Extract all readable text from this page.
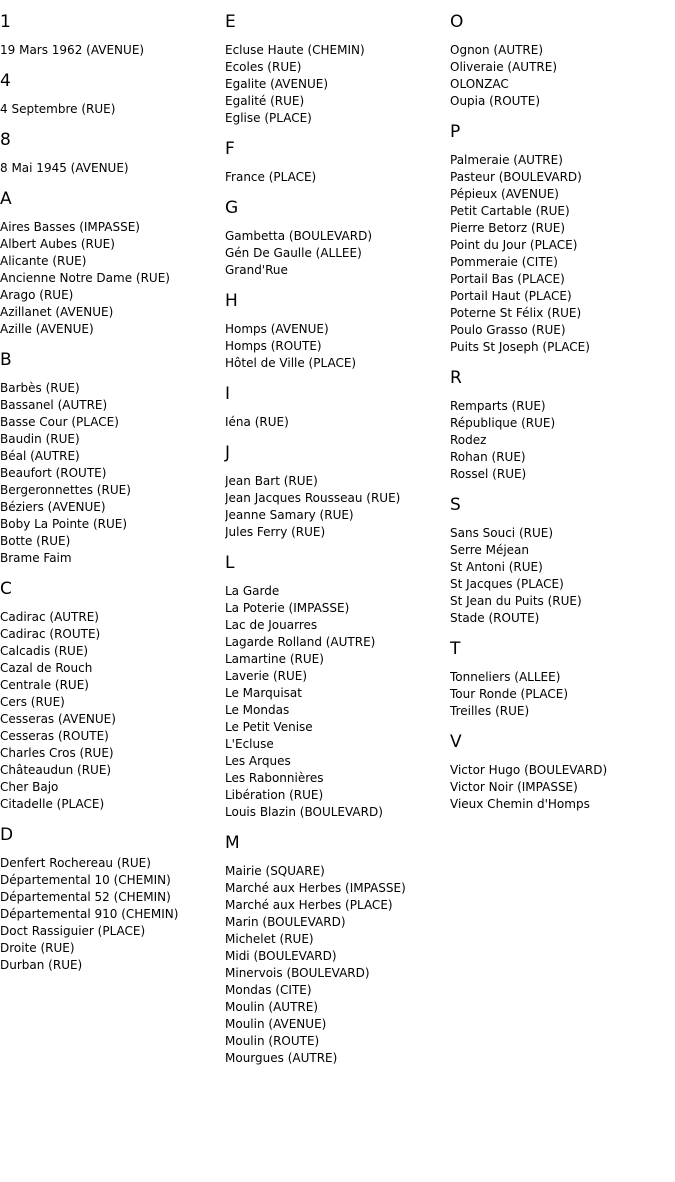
1
19 Mars 1962 (AVENUE)
4
4 Septembre (RUE)
8
8 Mai 1945 (AVENUE)
A
Aires Basses (IMPASSE)
Albert Aubes (RUE)
Alicante (RUE)
Ancienne Notre Dame (RUE)
Arago (RUE)
Azillanet (AVENUE)
Azille (AVENUE)
B
Barbès (RUE)
Bassanel (AUTRE)
Basse Cour (PLACE)
Baudin (RUE)
Béal (AUTRE)
Beaufort (ROUTE)
Bergeronnettes (RUE)
Béziers (AVENUE)
Boby La Pointe (RUE)
Botte (RUE)
Brame Faim
C
Cadirac (AUTRE)
Cadirac (ROUTE)
Calcadis (RUE)
Cazal de Rouch
Centrale (RUE)
Cers (RUE)
Cesseras (AVENUE)
Cesseras (ROUTE)
Charles Cros (RUE)
Châteaudun (RUE)
Cher Bajo
Citadelle (PLACE)
D
Denfert Rochereau (RUE)
Départemental 10 (CHEMIN)
Départemental 52 (CHEMIN)
Départemental 910 (CHEMIN)
Doct Rassiguier (PLACE)
Droite (RUE)
Durban (RUE)
E
Ecluse Haute (CHEMIN)
Ecoles (RUE)
Egalite (AVENUE)
Egalité (RUE)
Eglise (PLACE)
F
France (PLACE)
G
Gambetta (BOULEVARD)
Gén De Gaulle (ALLEE)
Grand'Rue
H
Homps (AVENUE)
Homps (ROUTE)
Hôtel de Ville (PLACE)
I
Iéna (RUE)
J
Jean Bart (RUE)
Jean Jacques Rousseau (RUE)
Jeanne Samary (RUE)
Jules Ferry (RUE)
L
La Garde
La Poterie (IMPASSE)
Lac de Jouarres
Lagarde Rolland (AUTRE)
Lamartine (RUE)
Laverie (RUE)
Le Marquisat
Le Mondas
Le Petit Venise
L'Ecluse
Les Arques
Les Rabonnières
Libération (RUE)
Louis Blazin (BOULEVARD)
M
Mairie (SQUARE)
Marché aux Herbes (IMPASSE)
Marché aux Herbes (PLACE)
Marin (BOULEVARD)
Michelet (RUE)
Midi (BOULEVARD)
Minervois (BOULEVARD)
Mondas (CITE)
Moulin (AUTRE)
Moulin (AVENUE)
Moulin (ROUTE)
Mourgues (AUTRE)
O
Ognon (AUTRE)
Oliveraie (AUTRE)
OLONZAC
Oupia (ROUTE)
P
Palmeraie (AUTRE)
Pasteur (BOULEVARD)
Pépieux (AVENUE)
Petit Cartable (RUE)
Pierre Betorz (RUE)
Point du Jour (PLACE)
Pommeraie (CITE)
Portail Bas (PLACE)
Portail Haut (PLACE)
Poterne St Félix (RUE)
Poulo Grasso (RUE)
Puits St Joseph (PLACE)
R
Remparts (RUE)
République (RUE)
Rodez
Rohan (RUE)
Rossel (RUE)
S
Sans Souci (RUE)
Serre Méjean
St Antoni (RUE)
St Jacques (PLACE)
St Jean du Puits (RUE)
Stade (ROUTE)
T
Tonneliers (ALLEE)
Tour Ronde (PLACE)
Treilles (RUE)
V
Victor Hugo (BOULEVARD)
Victor Noir (IMPASSE)
Vieux Chemin d'Homps
